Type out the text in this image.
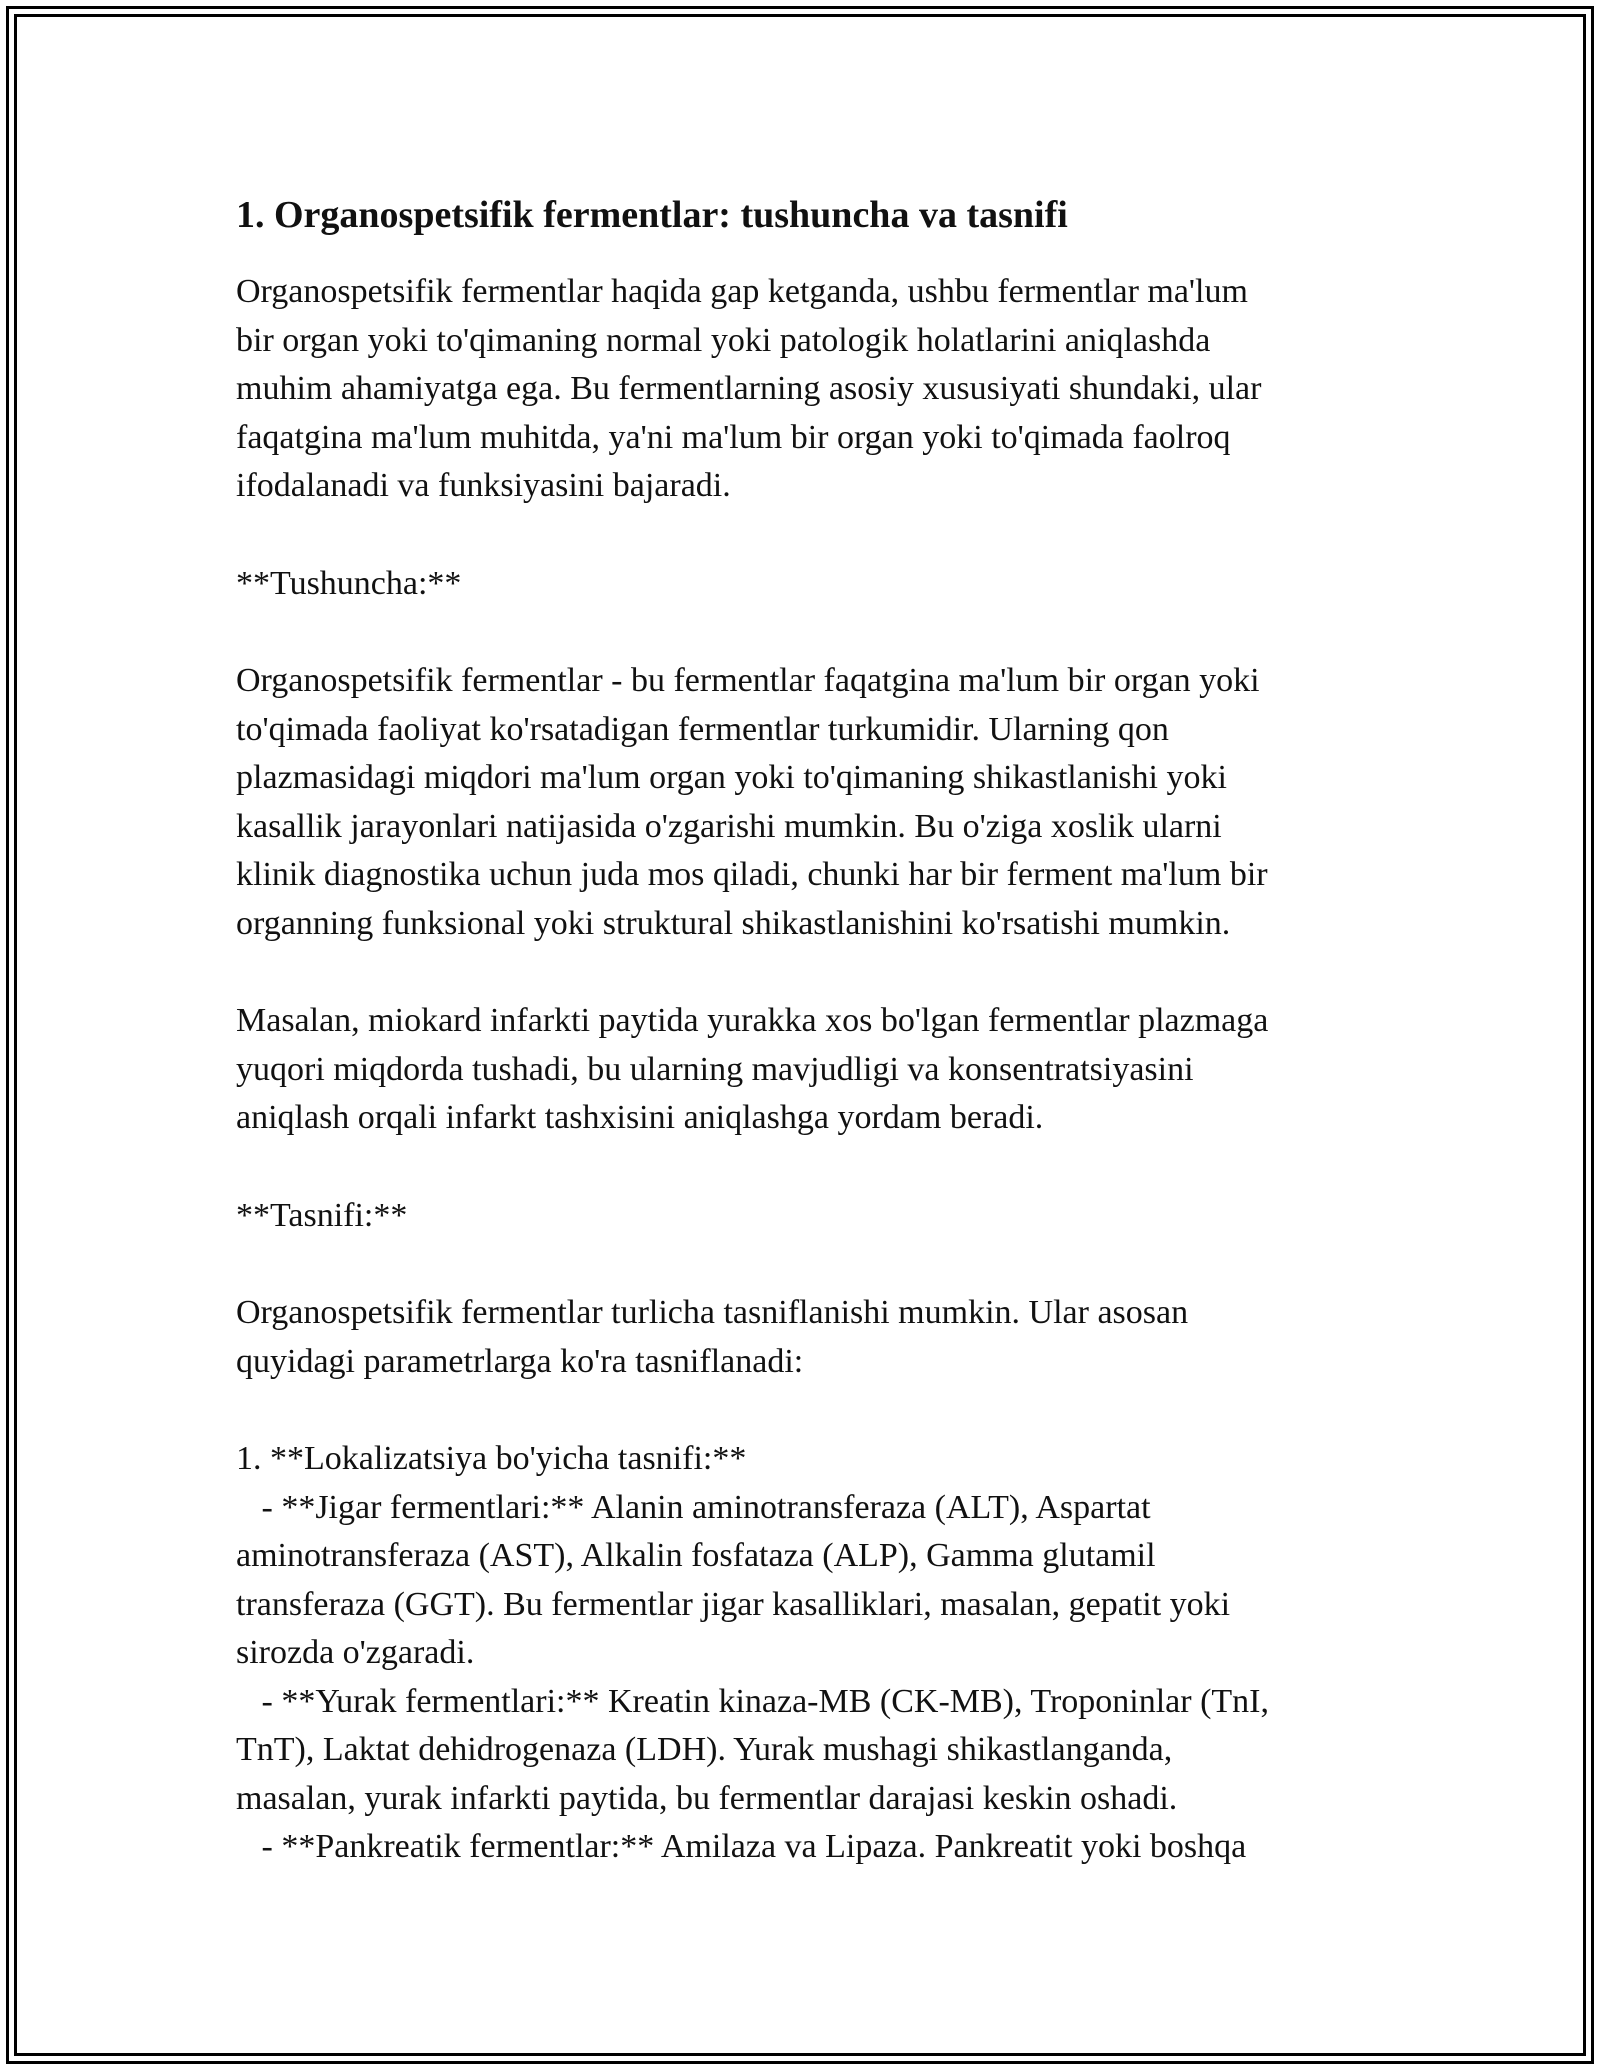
1. Organospetsifik fermentlar: tushuncha va tasnifi
Organospetsifik fermentlar haqida gap ketganda, ushbu fermentlar ma'lum
bir organ yoki to'qimaning normal yoki patologik holatlarini aniqlashda
muhim ahamiyatga ega. Bu fermentlarning asosiy xususiyati shundaki, ular
faqatgina ma'lum muhitda, ya'ni ma'lum bir organ yoki to'qimada faolroq
ifodalanadi va funksiyasini bajaradi.
**Tushuncha:**
Organospetsifik fermentlar - bu fermentlar faqatgina ma'lum bir organ yoki
to'qimada faoliyat ko'rsatadigan fermentlar turkumidir. Ularning qon
plazmasidagi miqdori ma'lum organ yoki to'qimaning shikastlanishi yoki
kasallik jarayonlari natijasida o'zgarishi mumkin. Bu o'ziga xoslik ularni
klinik diagnostika uchun juda mos qiladi, chunki har bir ferment ma'lum bir
organning funksional yoki struktural shikastlanishini ko'rsatishi mumkin.
Masalan, miokard infarkti paytida yurakka xos bo'lgan fermentlar plazmaga
yuqori miqdorda tushadi, bu ularning mavjudligi va konsentratsiyasini
aniqlash orqali infarkt tashxisini aniqlashga yordam beradi.
**Tasnifi:**
Organospetsifik fermentlar turlicha tasniflanishi mumkin. Ular asosan
quyidagi parametrlarga ko'ra tasniflanadi:
1. **Lokalizatsiya bo'yicha tasnifi:**
- **Jigar fermentlari:** Alanin aminotransferaza (ALT), Aspartat
aminotransferaza (AST), Alkalin fosfataza (ALP), Gamma glutamil
transferaza (GGT). Bu fermentlar jigar kasalliklari, masalan, gepatit yoki
sirozda o'zgaradi.
- **Yurak fermentlari:** Kreatin kinaza-MB (CK-MB), Troponinlar (TnI,
TnT), Laktat dehidrogenaza (LDH). Yurak mushagi shikastlanganda,
masalan, yurak infarkti paytida, bu fermentlar darajasi keskin oshadi.
- **Pankreatik fermentlar:** Amilaza va Lipaza. Pankreatit yoki boshqa
